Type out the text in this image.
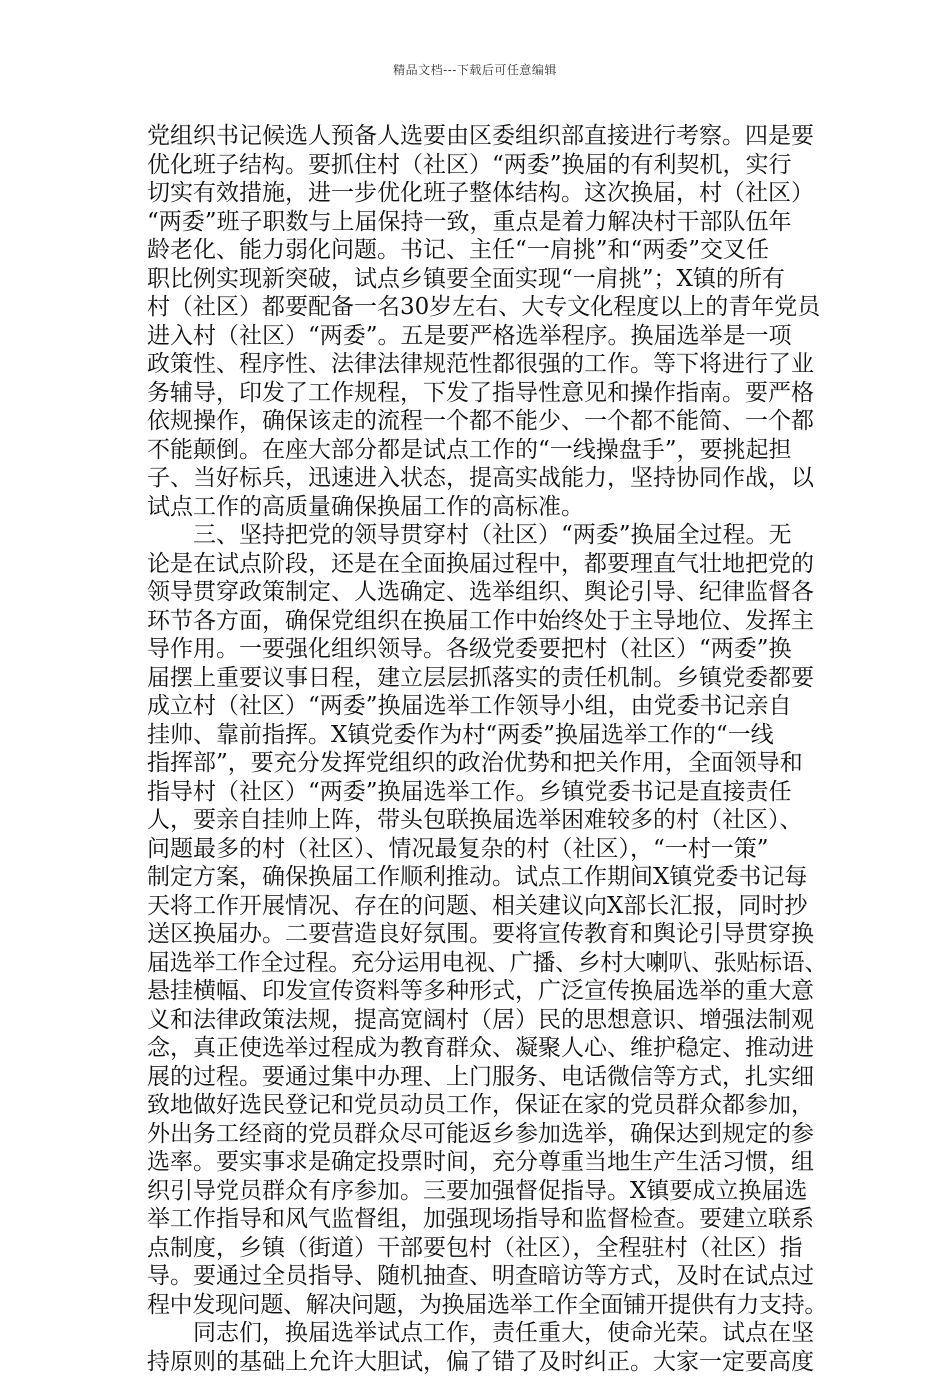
精品文档---下载后可任意编辑
党组织书记候选人预备人选要由区委组织部直接进行考察。四是要
优化班子结构。要抓住村（社区）“两委”换届的有利契机，实行
切实有效措施，进一步优化班子整体结构。这次换届，村（社区）
“两委”班子职数与上届保持一致，重点是着力解决村干部队伍年
龄老化、能力弱化问题。书记、主任“一肩挑”和“两委”交叉任
职比例实现新突破，试点乡镇要全面实现“一肩挑”；X镇的所有
村（社区）都要配备一名30岁左右、大专文化程度以上的青年党员
进入村（社区）“两委”。五是要严格选举程序。换届选举是一项
政策性、程序性、法律法律规范性都很强的工作。等下将进行了业
务辅导，印发了工作规程，下发了指导性意见和操作指南。要严格
依规操作，确保该走的流程一个都不能少、一个都不能简、一个都
不能颠倒。在座大部分都是试点工作的“一线操盘手”，要挑起担
子、当好标兵，迅速进入状态，提高实战能力，坚持协同作战，以
试点工作的高质量确保换届工作的高标准。
　　三、坚持把党的领导贯穿村（社区）“两委”换届全过程。无
论是在试点阶段，还是在全面换届过程中，都要理直气壮地把党的
领导贯穿政策制定、人选确定、选举组织、舆论引导、纪律监督各
环节各方面，确保党组织在换届工作中始终处于主导地位、发挥主
导作用。一要强化组织领导。各级党委要把村（社区）“两委”换
届摆上重要议事日程，建立层层抓落实的责任机制。乡镇党委都要
成立村（社区）“两委”换届选举工作领导小组，由党委书记亲自
挂帅、靠前指挥。X镇党委作为村“两委”换届选举工作的“一线
指挥部”，要充分发挥党组织的政治优势和把关作用，全面领导和
指导村（社区）“两委”换届选举工作。乡镇党委书记是直接责任
人，要亲自挂帅上阵，带头包联换届选举困难较多的村（社区）、
问题最多的村（社区）、情况最复杂的村（社区），“一村一策”
制定方案，确保换届工作顺利推动。试点工作期间X镇党委书记每
天将工作开展情况、存在的问题、相关建议向X部长汇报，同时抄
送区换届办。二要营造良好氛围。要将宣传教育和舆论引导贯穿换
届选举工作全过程。充分运用电视、广播、乡村大喇叭、张贴标语、
悬挂横幅、印发宣传资料等多种形式，广泛宣传换届选举的重大意
义和法律政策法规，提高宽阔村（居）民的思想意识、增强法制观
念，真正使选举过程成为教育群众、凝聚人心、维护稳定、推动进
展的过程。要通过集中办理、上门服务、电话微信等方式，扎实细
致地做好选民登记和党员动员工作，保证在家的党员群众都参加，
外出务工经商的党员群众尽可能返乡参加选举，确保达到规定的参
选率。要实事求是确定投票时间，充分尊重当地生产生活习惯，组
织引导党员群众有序参加。三要加强督促指导。X镇要成立换届选
举工作指导和风气监督组，加强现场指导和监督检查。要建立联系
点制度，乡镇（街道）干部要包村（社区），全程驻村（社区）指
导。要通过全员指导、随机抽查、明查暗访等方式，及时在试点过
程中发现问题、解决问题，为换届选举工作全面铺开提供有力支持。
　　同志们，换届选举试点工作，责任重大，使命光荣。试点在坚
持原则的基础上允许大胆试，偏了错了及时纠正。大家一定要高度
